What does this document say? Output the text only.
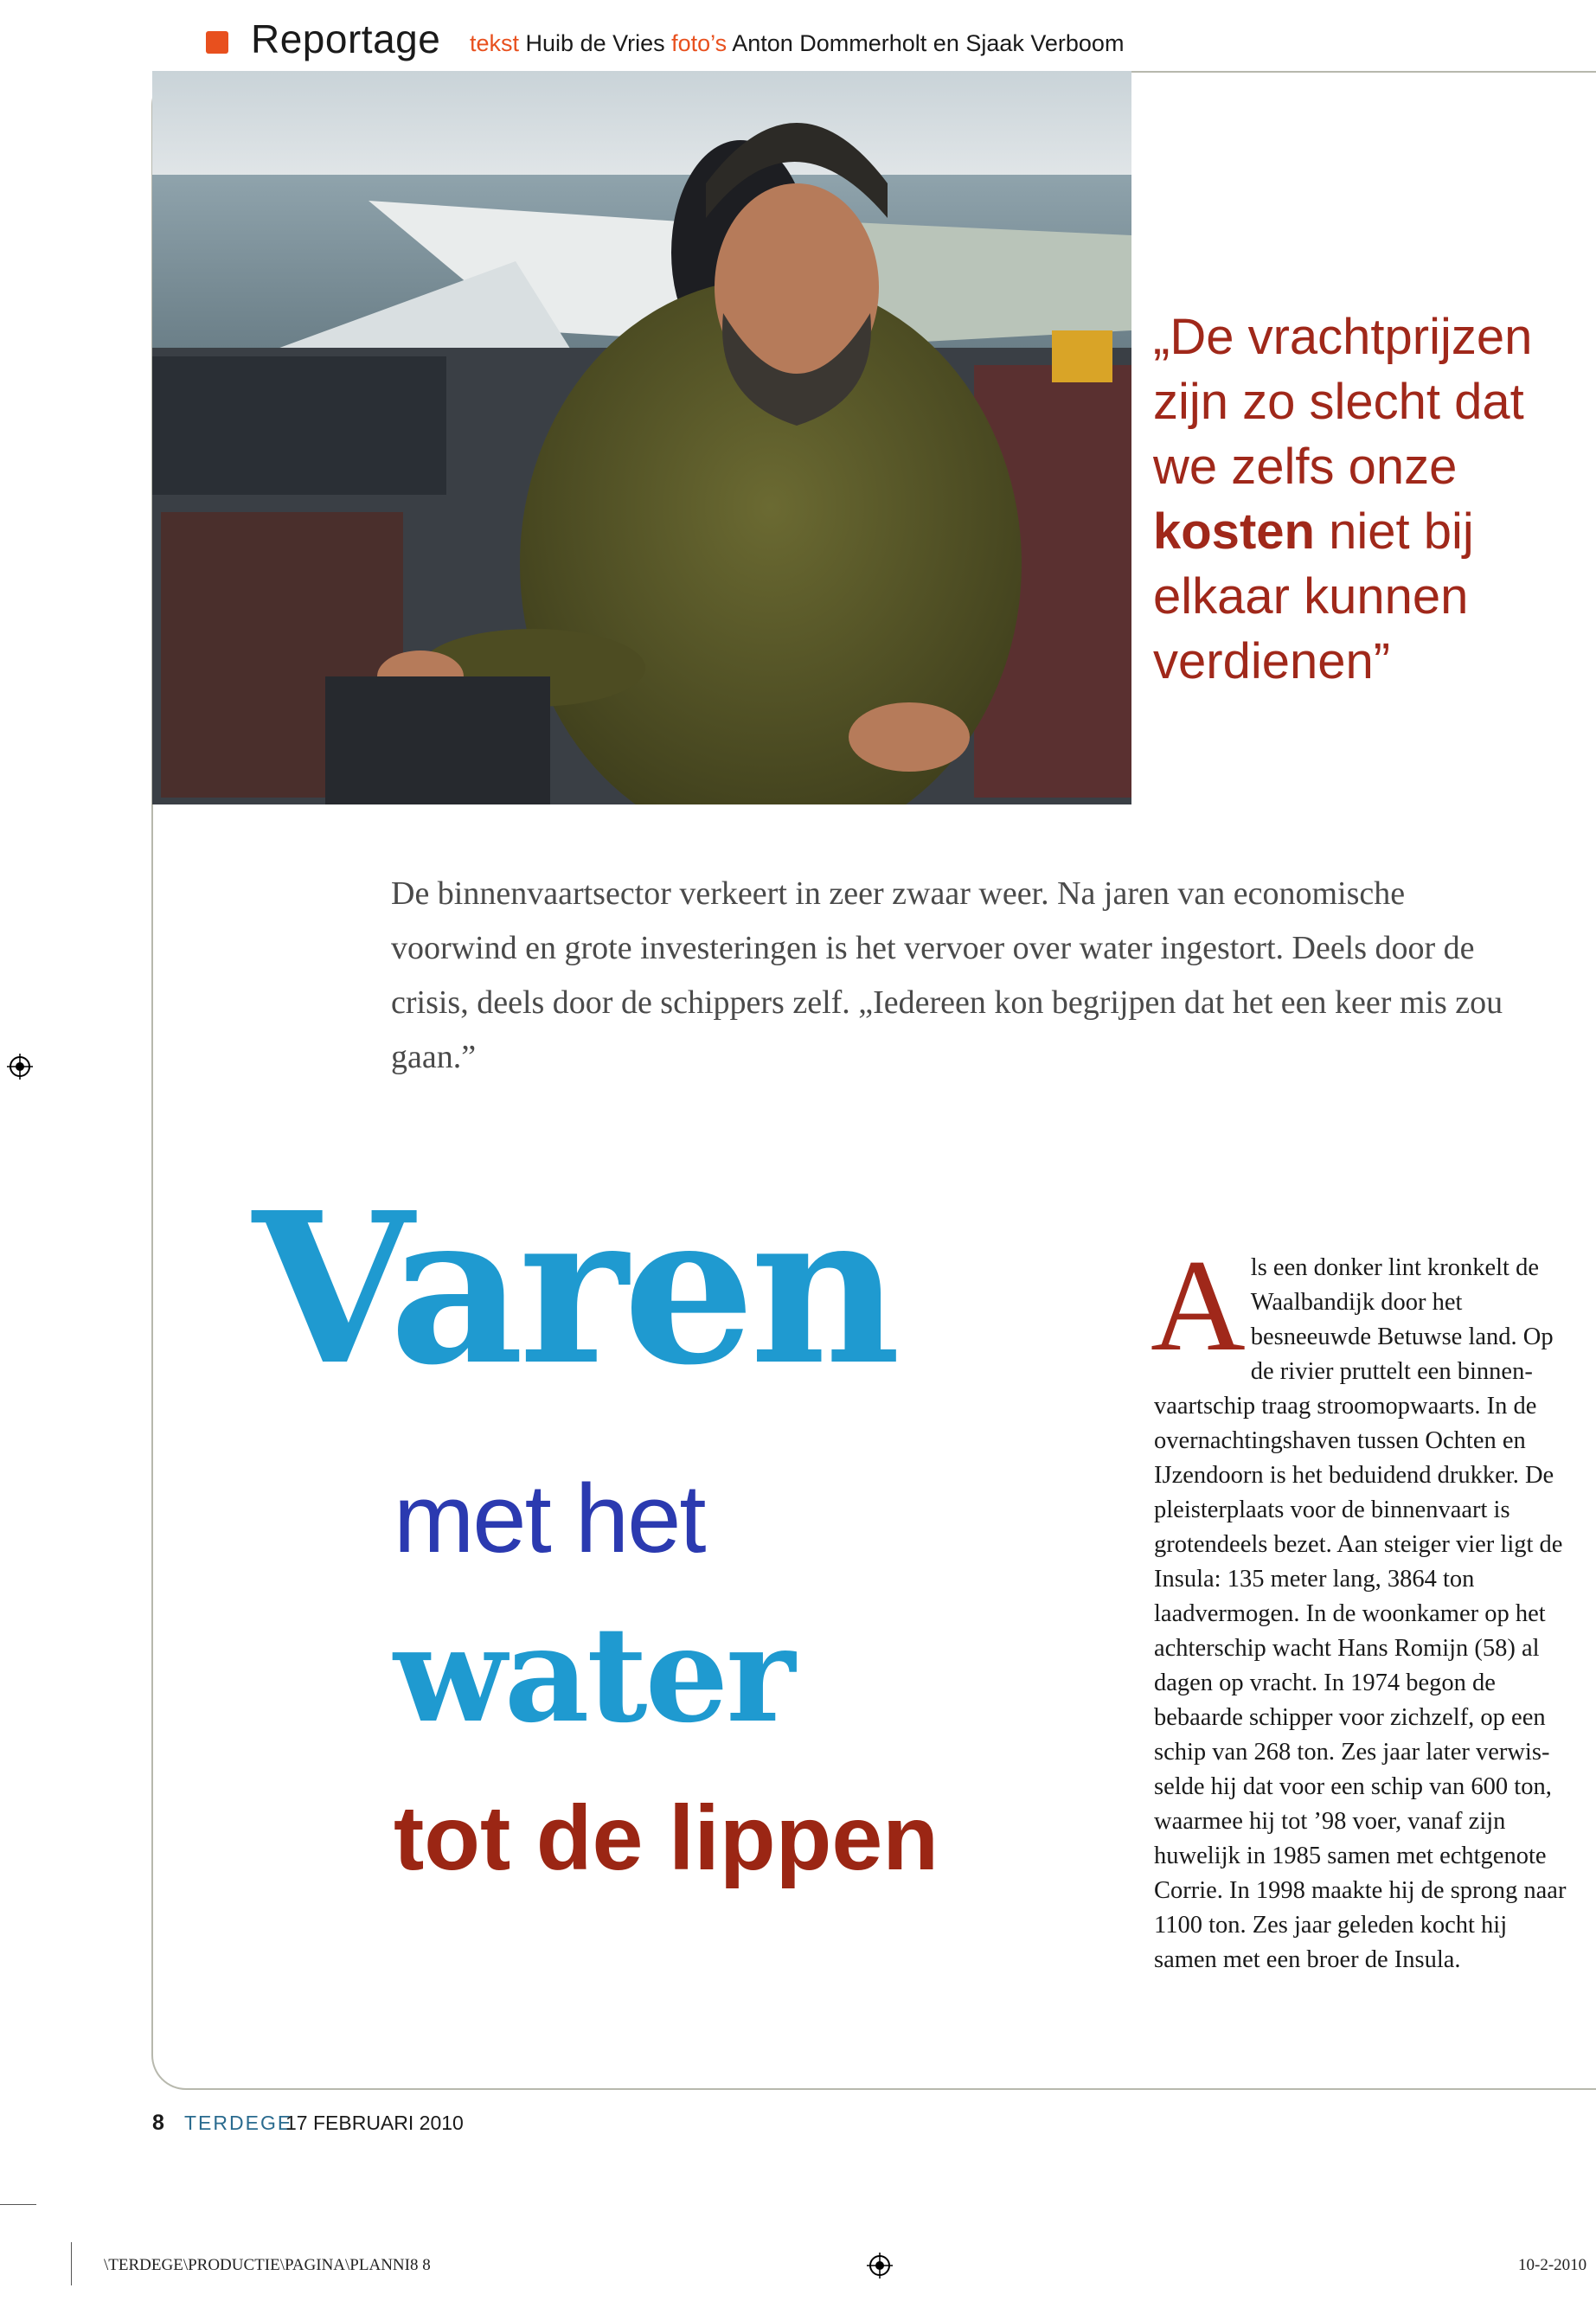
Reportage tekst Huib de Vries foto’s Anton Dommerholt en Sjaak Verboom
„De vrachtprijzen zijn zo slecht dat we zelfs onze kosten niet bij elkaar kunnen verdienen”
De binnenvaartsector verkeert in zeer zwaar weer. Na jaren van economische voorwind en grote investeringen is het vervoer over water ingestort. Deels door de crisis, deels door de schippers zelf. „Iedereen kon begrijpen dat het een keer mis zou gaan.”
Varen
met het
water
tot de lippen
Als een donker lint kronkelt de Waalbandijk door het besneeuwde Betuwse land. Op de rivier pruttelt een binnenvaartschip traag stroomopwaarts. In de overnachtingshaven tussen Ochten en IJzendoorn is het beduidend drukker. De pleisterplaats voor de binnenvaart is grotendeels bezet. Aan steiger vier ligt de Insula: 135 meter lang, 3864 ton laadvermogen. In de woonkamer op het achterschip wacht Hans Romijn (58) al dagen op vracht. In 1974 begon de bebaarde schipper voor zichzelf, op een schip van 268 ton. Zes jaar later verwisselde hij dat voor een schip van 600 ton, waarmee hij tot ’98 voer, vanaf zijn huwelijk in 1985 samen met echtgenote Corrie. In 1998 maakte hij de sprong naar 1100 ton. Zes jaar geleden kocht hij samen met een broer de Insula.
8 TERDEGE
17 FEBRUARI 2010
\TERDEGE\PRODUCTIE\PAGINA\PLANNI8 8	10-2-2010
